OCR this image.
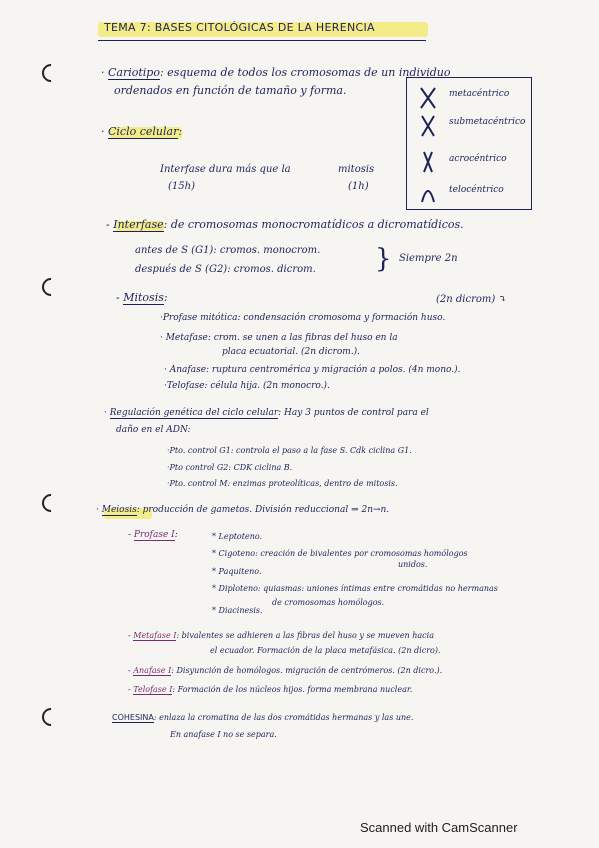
TEMA 7: BASES CITOLÓGICAS DE LA HERENCIA
· Cariotipo: esquema de todos los cromosomas de un individuo
ordenados en función de tamaño y forma.	metacéntrico
submetacéntrico
acrocéntrico
telocéntrico
· Ciclo celular:
Interfase dura más que la	mitosis
(15h)	(1h)
- Interfase: de cromosomas monocromatídicos a dicromatídicos.
antes de S (G1): cromos. monocrom.
después de S (G2): cromos. dicrom. } Siempre 2n
- Mitosis:	(2n dicrom) ⤵
·Profase mitótica: condensación cromosoma y formación huso.
· Metafase: crom. se unen a las fibras del huso en la
placa ecuatorial. (2n dicrom.).
· Anafase: ruptura centromérica y migración a polos. (4n mono.).
·Telofase: célula hija. (2n monocro.).
· Regulación genética del ciclo celular: Hay 3 puntos de control para el
daño en el ADN:
·Pto. control G1: controla el paso a la fase S. Cdk ciclina G1.
·Pto control G2: CDK ciclina B.
·Pto. control M: enzimas proteolíticas, dentro de mitosis.
· Meiosis: producción de gametos. División reduccional ⇒ 2n→n.
- Profase I:	* Leptoteno.
* Cigoteno: creación de bivalentes por cromosomas homólogos
unidos.
* Paquiteno.
* Diploteno: quiasmas: uniones íntimas entre cromátidas no hermanas
de cromosomas homólogos.
* Diacinesis.
- Metafase I: bivalentes se adhieren a las fibras del huso y se mueven hacia
el ecuador. Formación de la placa metafásica. (2n dicro).
- Anafase I: Disyunción de homólogos. migración de centrómeros. (2n dicro.).
- Telofase I: Formación de los núcleos hijos. forma membrana nuclear.
COHESINA: enlaza la cromatina de las dos cromátidas hermanas y las une.
En anafase I no se separa.
Scanned with CamScanner
